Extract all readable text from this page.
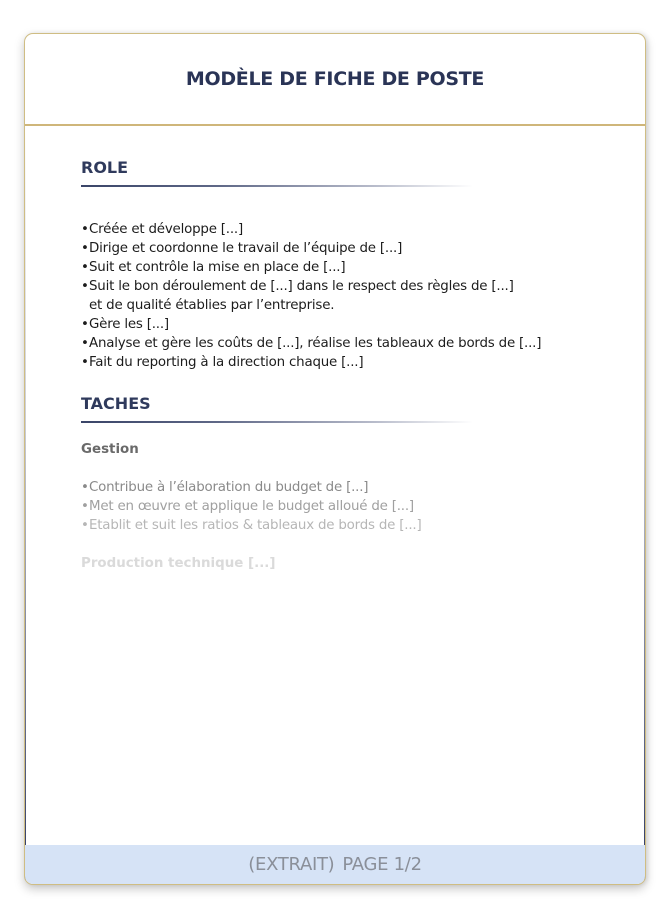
MODÈLE DE FICHE DE POSTE
ROLE
•Créée et développe [...]
•Dirige et coordonne le travail de l’équipe de [...]
•Suit et contrôle la mise en place de [...]
•Suit le bon déroulement de [...] dans le respect des règles de [...]
et de qualité établies par l’entreprise.
•Gère les [...]
•Analyse et gère les coûts de [...], réalise les tableaux de bords de [...]
•Fait du reporting à la direction chaque [...]
TACHES
Gestion
•Contribue à l’élaboration du budget de [...]
•Met en œuvre et applique le budget alloué de [...]
•Etablit et suit les ratios & tableaux de bords de [...]
Production technique [...]
(EXTRAIT) PAGE 1/2
